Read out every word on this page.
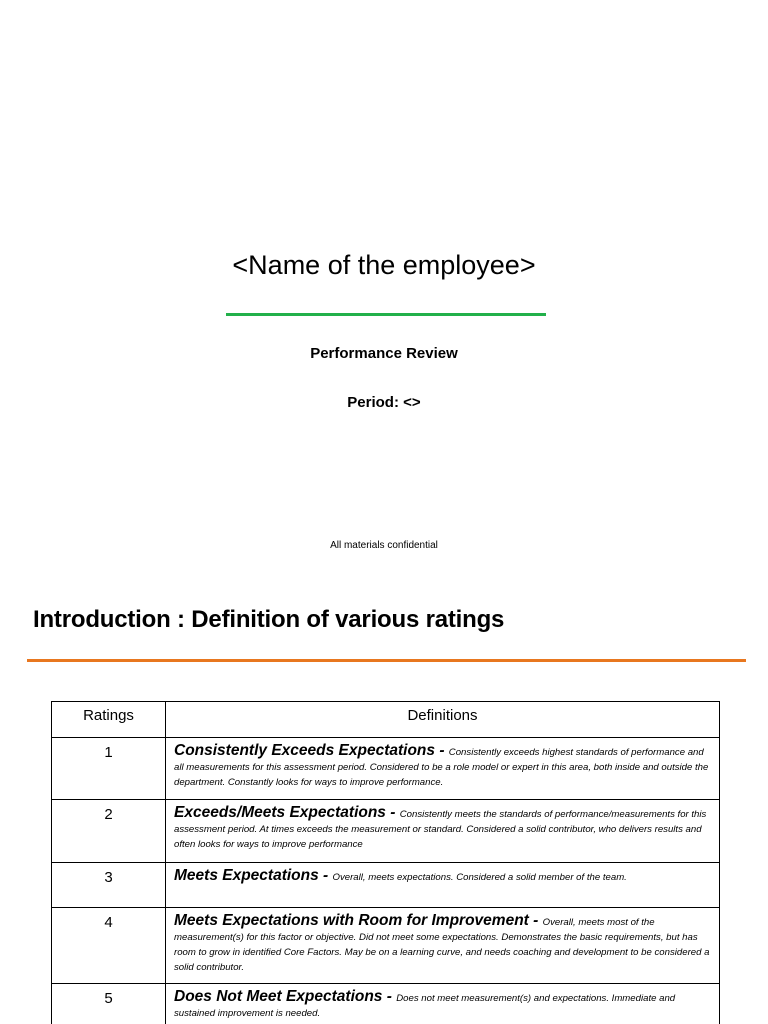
<Name of the employee>
Performance Review
Period: <>
All materials confidential
Introduction : Definition of various ratings
Ratings	Definitions
1	Consistently Exceeds Expectations - Consistently exceeds highest standards of performance and all measurements for this assessment period. Considered to be a role model or expert in this area, both inside and outside the department. Constantly looks for ways to improve performance.
2	Exceeds/Meets Expectations - Consistently meets the standards of performance/measurements for this assessment period. At times exceeds the measurement or standard. Considered a solid contributor, who delivers results and often looks for ways to improve performance
3	Meets Expectations - Overall, meets expectations. Considered a solid member of the team.
4	Meets Expectations with Room for Improvement - Overall, meets most of the measurement(s) for this factor or objective. Did not meet some expectations. Demonstrates the basic requirements, but has room to grow in identified Core Factors. May be on a learning curve, and needs coaching and development to be considered a solid contributor.
5	Does Not Meet Expectations - Does not meet measurement(s) and expectations. Immediate and sustained improvement is needed.
